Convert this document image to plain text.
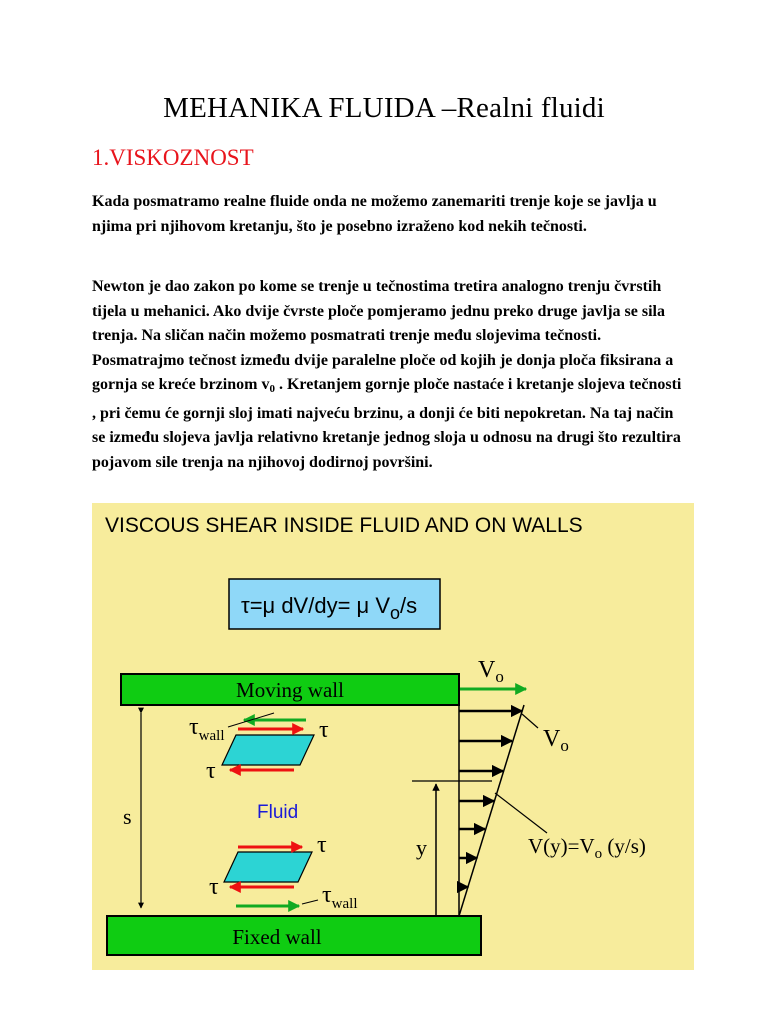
MEHANIKA FLUIDA –Realni fluidi
1.VISKOZNOST

Kada posmatramo realne fluide onda ne možemo zanemariti trenje koje se javlja u njima pri njihovom kretanju, što je posebno izraženo kod nekih tečnosti.

Newton je dao zakon po kome se trenje u tečnostima tretira analogno trenju čvrstih tijela u mehanici. Ako dvije čvrste ploče pomjeramo jednu preko druge javlja se sila trenja. Na sličan način možemo posmatrati trenje među slojevima tečnosti. Posmatrajmo tečnost između dvije paralelne ploče od kojih je donja ploča fiksirana a gornja se kreće brzinom $v_0$ . Kretanjem gornje ploče nastaće i kretanje slojeva tečnosti , pri čemu će gornji sloj imati najveću brzinu, a donji će biti nepokretan. Na taj način se između slojeva javlja relativno kretanje jednog sloja u odnosu na drugi što rezultira pojavom sile trenja na njihovoj dodirnoj površini.

VISCOUS SHEAR INSIDE FLUID AND ON WALLS
τ=μ dV/dy= μ $V_o/s$
Moving wall
Fixed wall
$V_o$
$V_o$
$V(y)=V_o$ (y/s)
y
s	Fluid
$\tau_{wall}$	τ
τ
τ
τ	$\tau_{wall}$
